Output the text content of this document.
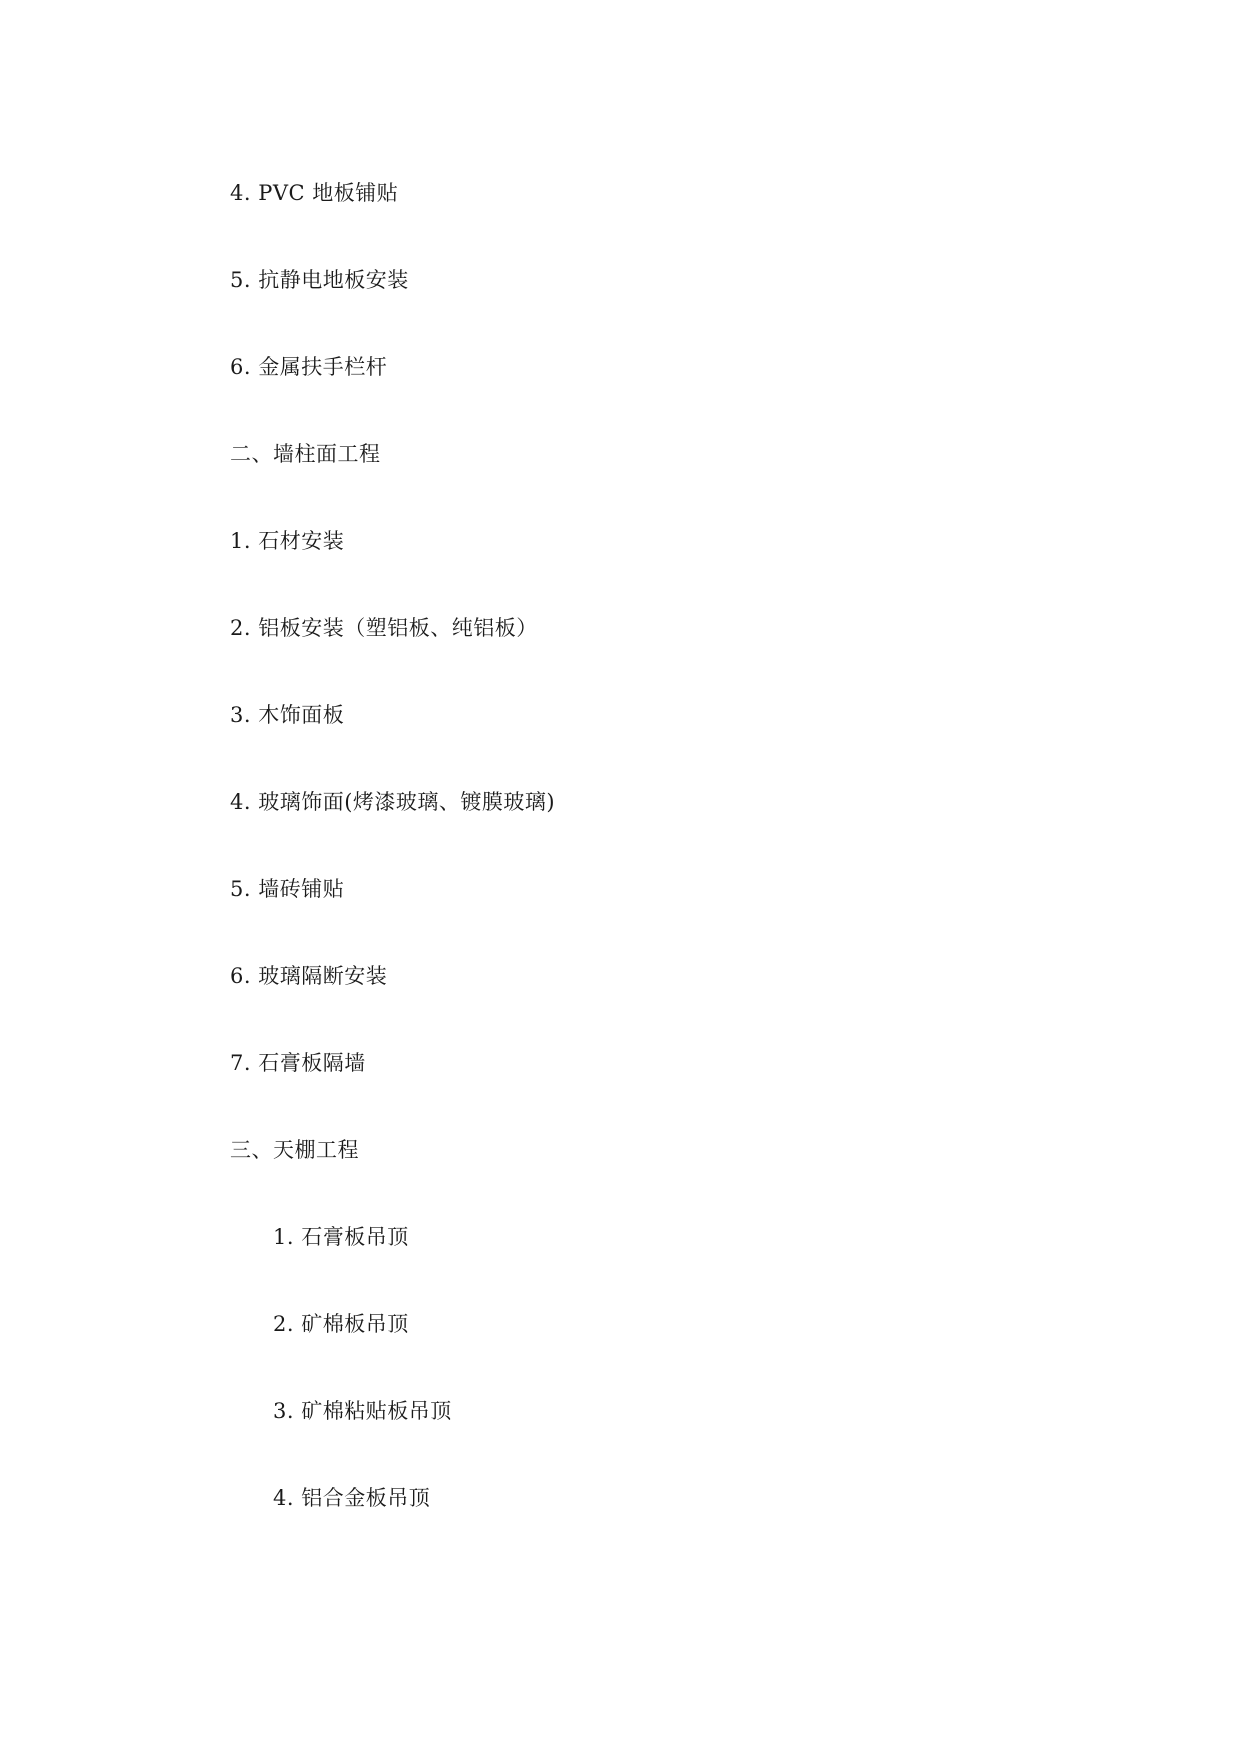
4. PVC 地板铺贴
5. 抗静电地板安装
6. 金属扶手栏杆
二、墙柱面工程
1. 石材安装
2. 铝板安装（塑铝板、纯铝板）
3. 木饰面板
4. 玻璃饰面(烤漆玻璃、镀膜玻璃)
5. 墙砖铺贴
6. 玻璃隔断安装
7. 石膏板隔墙
三、天棚工程
1. 石膏板吊顶
2. 矿棉板吊顶
3. 矿棉粘贴板吊顶
4. 铝合金板吊顶
